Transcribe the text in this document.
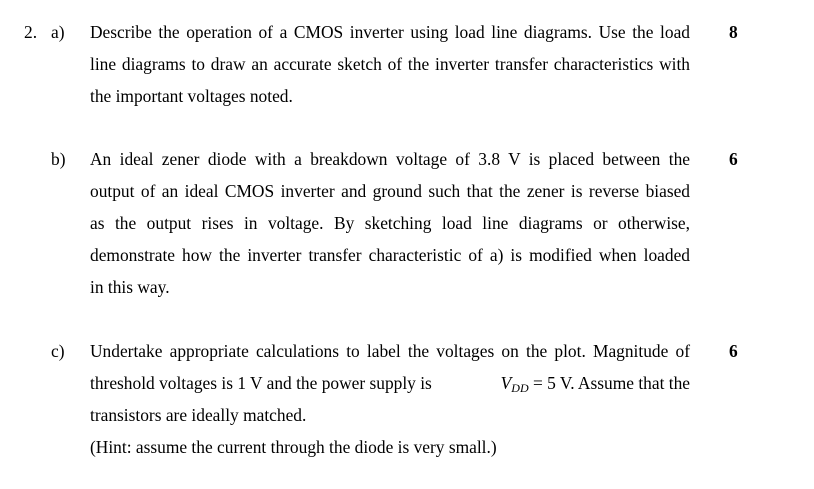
2. a) Describe the operation of a CMOS inverter using load line diagrams. Use the load
line diagrams to draw an accurate sketch of the inverter transfer characteristics with
the important voltages noted.
8
b) An ideal zener diode with a breakdown voltage of 3.8 V is placed between the
output of an ideal CMOS inverter and ground such that the zener is reverse biased
as the output rises in voltage. By sketching load line diagrams or otherwise,
demonstrate how the inverter transfer characteristic of a) is modified when loaded
in this way.
6
c) Undertake appropriate calculations to label the voltages on the plot. Magnitude of
threshold voltages is 1 V and the power supply is	$V_{DD} = 5$ V. Assume that the
transistors are ideally matched.
(Hint: assume the current through the diode is very small.)
6
